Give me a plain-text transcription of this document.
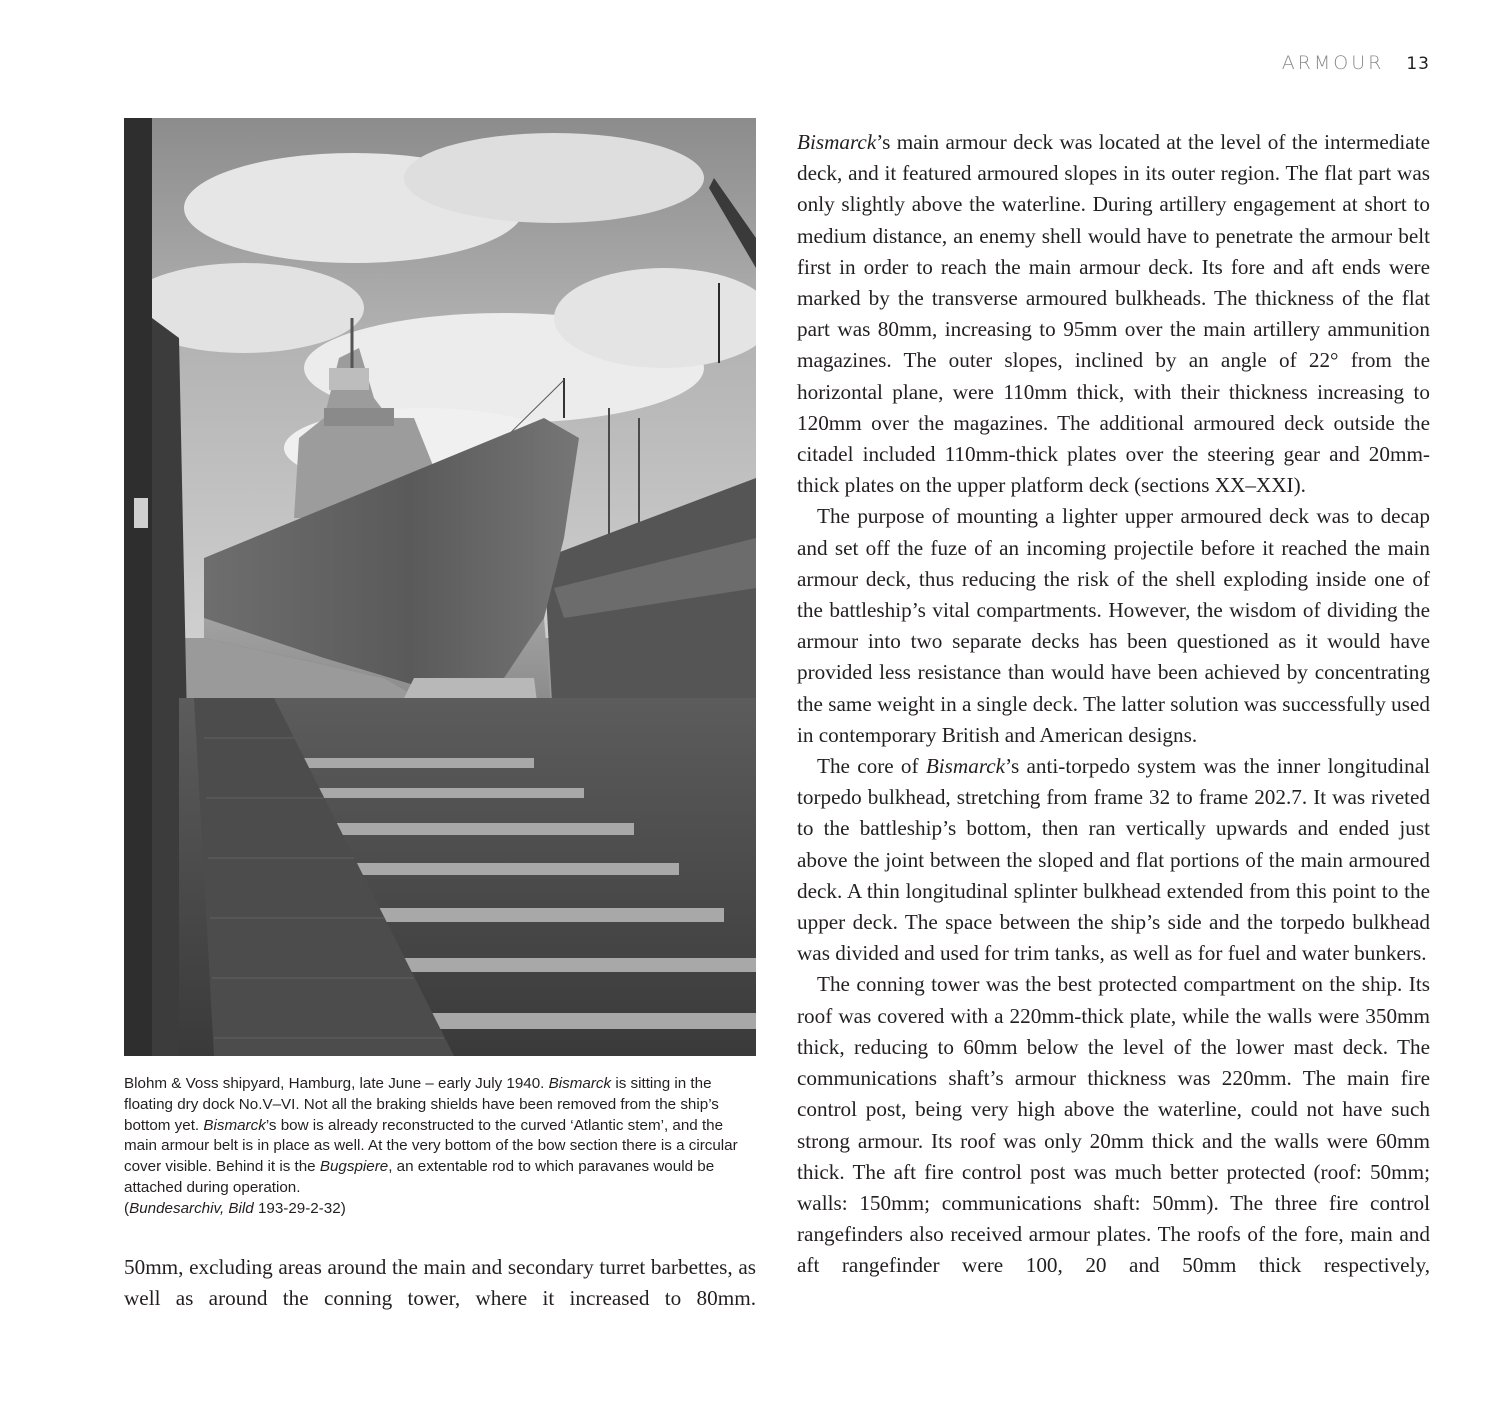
ARMOUR 13

Blohm & Voss shipyard, Hamburg, late June – early July 1940. Bismarck is sitting in the floating dry dock No.V–VI. Not all the braking shields have been removed from the ship’s bottom yet. Bismarck’s bow is already reconstructed to the curved ‘Atlantic stem’, and the main armour belt is in place as well. At the very bottom of the bow section there is a circular cover visible. Behind it is the Bugspiere, an extentable rod to which paravanes would be attached during operation.

(Bundesarchiv, Bild 193-29-2-32)

50mm, excluding areas around the main and secondary turret barbettes, as well as around the conning tower, where it increased to 80mm.

Bismarck’s main armour deck was located at the level of the intermediate deck, and it featured armoured slopes in its outer region. The flat part was only slightly above the waterline. During artillery engagement at short to medium distance, an enemy shell would have to penetrate the armour belt first in order to reach the main armour deck. Its fore and aft ends were marked by the transverse armoured bulkheads. The thickness of the flat part was 80mm, increasing to 95mm over the main artillery ammunition magazines. The outer slopes, inclined by an angle of 22° from the horizontal plane, were 110mm thick, with their thickness increasing to 120mm over the magazines. The additional armoured deck outside the citadel included 110mm-thick plates over the steering gear and 20mm-thick plates on the upper platform deck (sections XX–XXI).

The purpose of mounting a lighter upper armoured deck was to decap and set off the fuze of an incoming projectile before it reached the main armour deck, thus reducing the risk of the shell exploding inside one of the battleship’s vital compartments. However, the wisdom of dividing the armour into two separate decks has been questioned as it would have provided less resistance than would have been achieved by concentrating the same weight in a single deck. The latter solution was successfully used in contemporary British and American designs.

The core of Bismarck’s anti-torpedo system was the inner longitudinal torpedo bulkhead, stretching from frame 32 to frame 202.7. It was riveted to the battleship’s bottom, then ran vertically upwards and ended just above the joint between the sloped and flat portions of the main armoured deck. A thin longitudinal splinter bulkhead extended from this point to the upper deck. The space between the ship’s side and the torpedo bulkhead was divided and used for trim tanks, as well as for fuel and water bunkers.

The conning tower was the best protected compartment on the ship. Its roof was covered with a 220mm-thick plate, while the walls were 350mm thick, reducing to 60mm below the level of the lower mast deck. The communications shaft’s armour thickness was 220mm. The main fire control post, being very high above the waterline, could not have such strong armour. Its roof was only 20mm thick and the walls were 60mm thick. The aft fire control post was much better protected (roof: 50mm; walls: 150mm; communications shaft: 50mm). The three fire control rangefinders also received armour plates. The roofs of the fore, main and aft rangefinder were 100, 20 and 50mm thick respectively,
